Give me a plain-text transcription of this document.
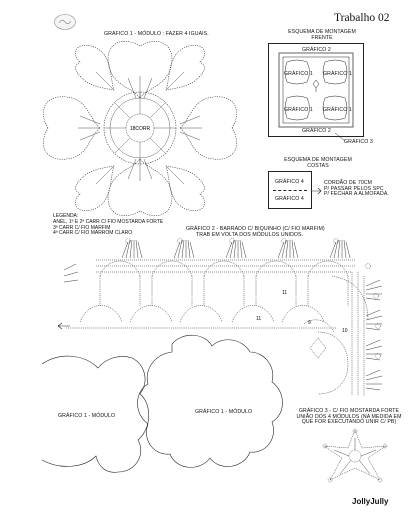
Trabalho 02
GRÁFICO 1 - MÓDULO : FAZER 4 IGUAIS.
18CORR
ESQUEMA DE MONTAGEM
FRENTE
GRÁFICO 2
GRÁFICO 1 GRÁFICO 1
GRÁFICO 1 GRÁFICO 1
GRÁFICO 2
GRÁFICO 3
ESQUEMA DE MONTAGEM
COSTAS
GRÁFICO 4
GRÁFICO 4
CORDÃO DE 70CM
P/ PASSAR PELOS SPC
P/ FECHAR A ALMOFADA.
LEGENDA:
ANEL, 1ª E 2ª CARR C/ FIO MOSTARDA FORTE
3ª CARR C/ FIO MARFIM
4ª CARR C/ FIO MARROM CLARO
GRÁFICO 2 - BARRADO C/ BIQUINHO (C/ FIO MARFIM)
TRAB EM VOLTA DOS MÓDULOS UNIDOS.
11
11
10
9
GRÁFICO 1 - MÓDULO
GRÁFICO 1 - MÓDULO	GRÁFICO 3 - C/ FIO MOSTARDA FORTE
UNIÃO DOS 4 MÓDULOS (NA MEDIDA EM
QUE FOR EXECUTANDO UNIR C/ PB)
JollyJully
